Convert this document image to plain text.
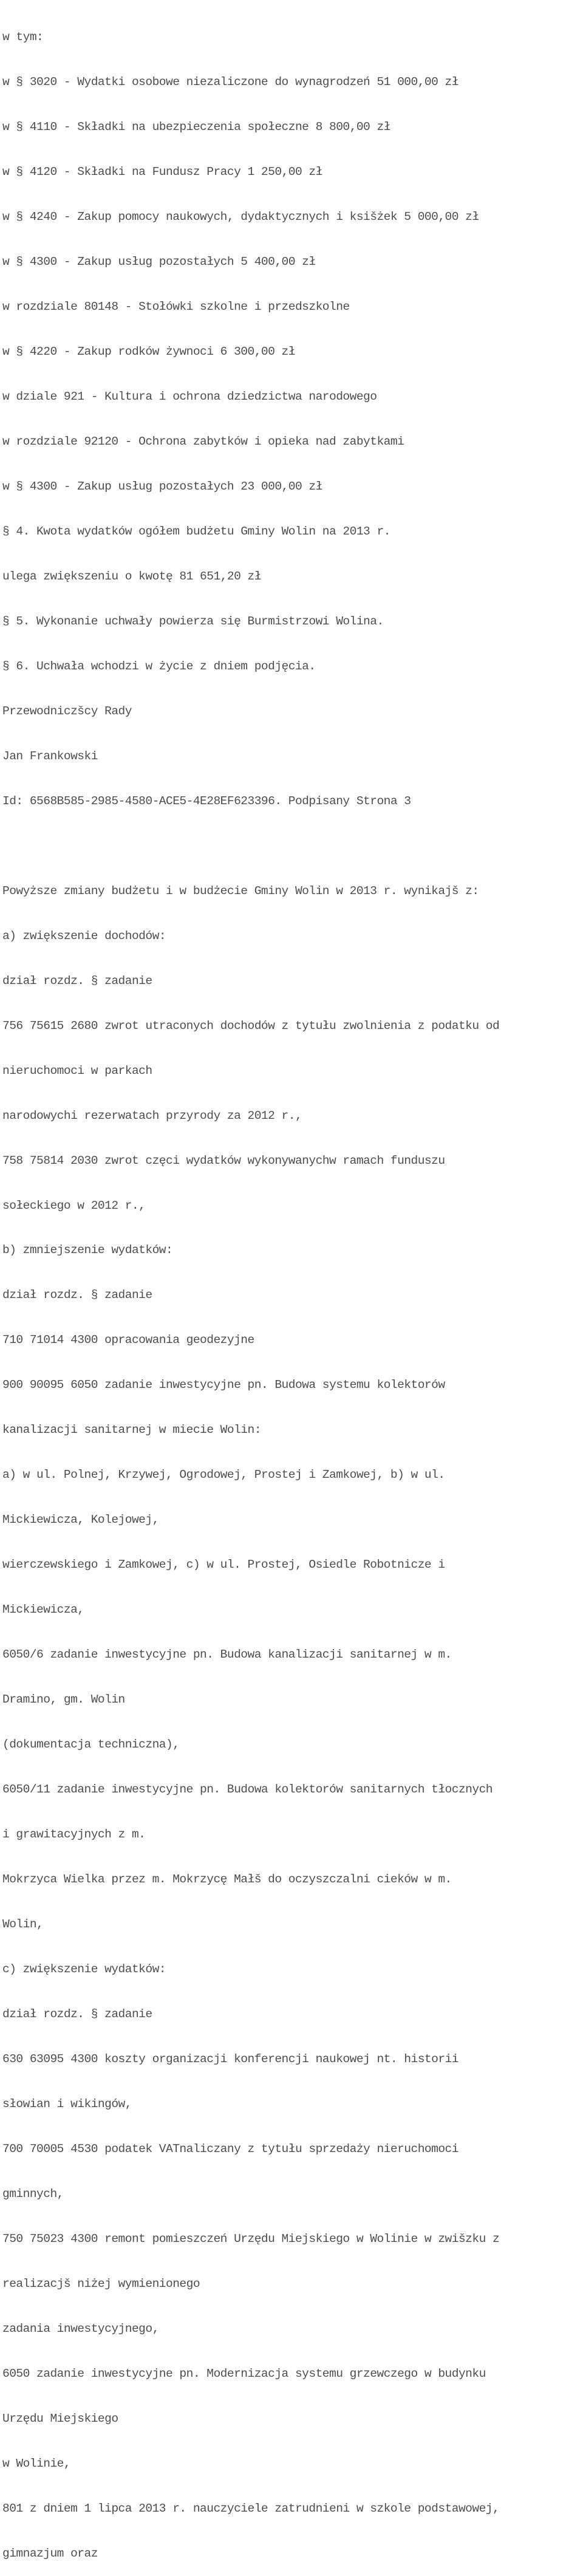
w tym:

w § 3020 - Wydatki osobowe niezaliczone do wynagrodzeń 51 000,00 zł

w § 4110 - Składki na ubezpieczenia społeczne 8 800,00 zł

w § 4120 - Składki na Fundusz Pracy 1 250,00 zł

w § 4240 - Zakup pomocy naukowych, dydaktycznych i ksišżek 5 000,00 zł

w § 4300 - Zakup usług pozostałych 5 400,00 zł

w rozdziale 80148 - Stołówki szkolne i przedszkolne

w § 4220 - Zakup rodków żywnoci 6 300,00 zł

w dziale 921 - Kultura i ochrona dziedzictwa narodowego

w rozdziale 92120 - Ochrona zabytków i opieka nad zabytkami

w § 4300 - Zakup usług pozostałych 23 000,00 zł

§ 4. Kwota wydatków ogółem budżetu Gminy Wolin na 2013 r.

ulega zwiększeniu o kwotę 81 651,20 zł

§ 5. Wykonanie uchwały powierza się Burmistrzowi Wolina.

§ 6. Uchwała wchodzi w życie z dniem podjęcia.

Przewodniczšcy Rady

Jan Frankowski

Id: 6568B585-2985-4580-ACE5-4E28EF623396. Podpisany Strona 3

Powyższe zmiany budżetu i w budżecie Gminy Wolin w 2013 r. wynikajš z:

a) zwiększenie dochodów:

dział rozdz. § zadanie

756 75615 2680 zwrot utraconych dochodów z tytułu zwolnienia z podatku od

nieruchomoci w parkach

narodowychi rezerwatach przyrody za 2012 r.,

758 75814 2030 zwrot częci wydatków wykonywanychw ramach funduszu

sołeckiego w 2012 r.,

b) zmniejszenie wydatków:

dział rozdz. § zadanie

710 71014 4300 opracowania geodezyjne

900 90095 6050 zadanie inwestycyjne pn. Budowa systemu kolektorów

kanalizacji sanitarnej w miecie Wolin:

a) w ul. Polnej, Krzywej, Ogrodowej, Prostej i Zamkowej, b) w ul.

Mickiewicza, Kolejowej,

wierczewskiego i Zamkowej, c) w ul. Prostej, Osiedle Robotnicze i

Mickiewicza,

6050/6 zadanie inwestycyjne pn. Budowa kanalizacji sanitarnej w m.

Dramino, gm. Wolin

(dokumentacja techniczna),

6050/11 zadanie inwestycyjne pn. Budowa kolektorów sanitarnych tłocznych

i grawitacyjnych z m.

Mokrzyca Wielka przez m. Mokrzycę Małš do oczyszczalni cieków w m.

Wolin,

c) zwiększenie wydatków:

dział rozdz. § zadanie

630 63095 4300 koszty organizacji konferencji naukowej nt. historii

słowian i wikingów,

700 70005 4530 podatek VATnaliczany z tytułu sprzedaży nieruchomoci

gminnych,

750 75023 4300 remont pomieszczeń Urzędu Miejskiego w Wolinie w zwišzku z

realizacjš niżej wymienionego

zadania inwestycyjnego,

6050 zadanie inwestycyjne pn. Modernizacja systemu grzewczego w budynku

Urzędu Miejskiego

w Wolinie,

801 z dniem 1 lipca 2013 r. nauczyciele zatrudnieni w szkole podstawowej,

gimnazjum oraz
